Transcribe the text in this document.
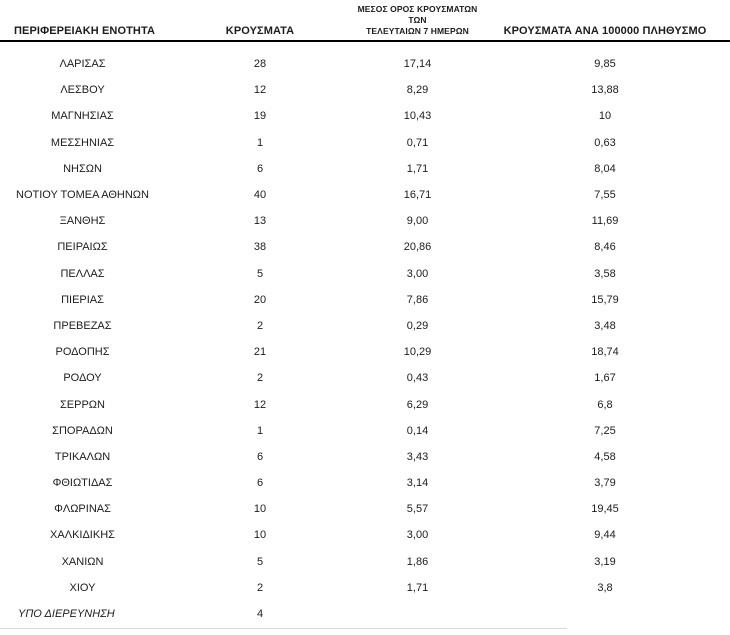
ΠΕΡΙΦΕΡΕΙΑΚΗ ΕΝΟΤΗΤΑ	ΚΡΟΥΣΜΑΤΑ	ΜΕΣΟΣ ΟΡΟΣ ΚΡΟΥΣΜΑΤΩΝ ΤΩΝ
ΤΕΛΕΥΤΑΙΩΝ 7 ΗΜΕΡΩΝ	ΚΡΟΥΣΜΑΤΑ ΑΝΑ 100000 ΠΛΗΘΥΣΜΟ
ΛΑΡΙΣΑΣ	28	17,14	9,85
ΛΕΣΒΟΥ	12	8,29	13,88
ΜΑΓΝΗΣΙΑΣ	19	10,43	10
ΜΕΣΣΗΝΙΑΣ	1	0,71	0,63
ΝΗΣΩΝ	6	1,71	8,04
ΝΟΤΙΟΥ ΤΟΜΕΑ ΑΘΗΝΩΝ	40	16,71	7,55
ΞΑΝΘΗΣ	13	9,00	11,69
ΠΕΙΡΑΙΩΣ	38	20,86	8,46
ΠΕΛΛΑΣ	5	3,00	3,58
ΠΙΕΡΙΑΣ	20	7,86	15,79
ΠΡΕΒΕΖΑΣ	2	0,29	3,48
ΡΟΔΟΠΗΣ	21	10,29	18,74
ΡΟΔΟΥ	2	0,43	1,67
ΣΕΡΡΩΝ	12	6,29	6,8
ΣΠΟΡΑΔΩΝ	1	0,14	7,25
ΤΡΙΚΑΛΩΝ	6	3,43	4,58
ΦΘΙΩΤΙΔΑΣ	6	3,14	3,79
ΦΛΩΡΙΝΑΣ	10	5,57	19,45
ΧΑΛΚΙΔΙΚΗΣ	10	3,00	9,44
ΧΑΝΙΩΝ	5	1,86	3,19
ΧΙΟΥ	2	1,71	3,8
ΥΠΟ ΔΙΕΡΕΥΝΗΣΗ	4		
